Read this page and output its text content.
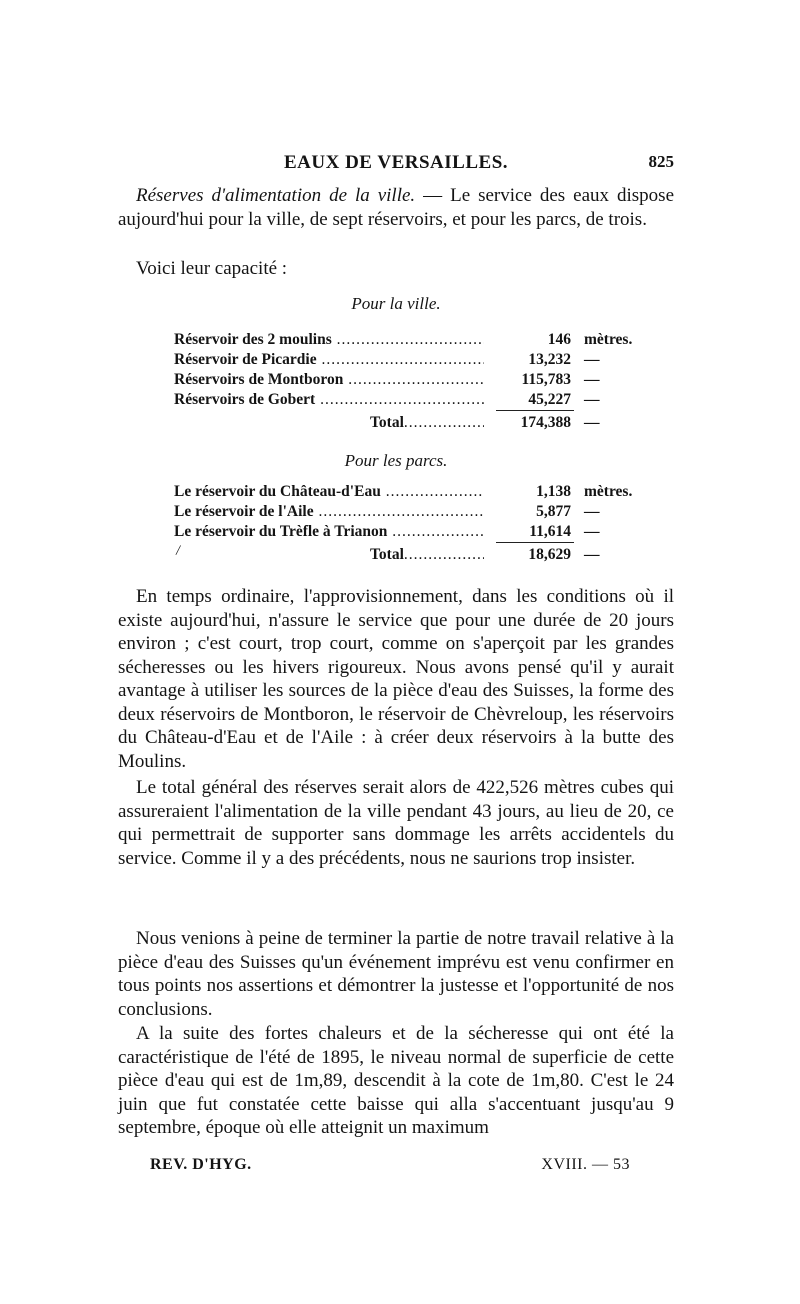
EAUX DE VERSAILLES.	825

Réserves d'alimentation de la ville. — Le service des eaux dispose aujourd'hui pour la ville, de sept réservoirs, et pour les parcs, de trois.

Voici leur capacité :

Pour la ville.
Réservoir des 2 moulins .....	146 mètres.
Réservoir de Picardie .....	13,232 —
Réservoirs de Montboron .....	115,783 —
Réservoirs de Gobert .....	45,227 —
Total .....	174,388 —
Pour les parcs.
Le réservoir du Château-d'Eau .....	1,138 mètres.
Le réservoir de l'Aile .....	5,877 —
Le réservoir du Trèfle à Trianon .....	11,614 —
Total .....	18,629 —
/

En temps ordinaire, l'approvisionnement, dans les conditions où il existe aujourd'hui, n'assure le service que pour une durée de 20 jours environ ; c'est court, trop court, comme on s'aperçoit par les grandes sécheresses ou les hivers rigoureux. Nous avons pensé qu'il y aurait avantage à utiliser les sources de la pièce d'eau des Suisses, la forme des deux réservoirs de Montboron, le réservoir de Chèvreloup, les réservoirs du Château-d'Eau et de l'Aile : à créer deux réservoirs à la butte des Moulins.

Le total général des réserves serait alors de 422,526 mètres cubes qui assureraient l'alimentation de la ville pendant 43 jours, au lieu de 20, ce qui permettrait de supporter sans dommage les arrêts accidentels du service. Comme il y a des précédents, nous ne saurions trop insister.

Nous venions à peine de terminer la partie de notre travail relative à la pièce d'eau des Suisses qu'un événement imprévu est venu confirmer en tous points nos assertions et démontrer la justesse et l'opportunité de nos conclusions.

A la suite des fortes chaleurs et de la sécheresse qui ont été la caractéristique de l'été de 1895, le niveau normal de superficie de cette pièce d'eau qui est de 1m,89, descendit à la cote de 1m,80. C'est le 24 juin que fut constatée cette baisse qui alla s'accentuant jusqu'au 9 septembre, époque où elle atteignit un maximum

REV. D'HYG.	XVIII. — 53
